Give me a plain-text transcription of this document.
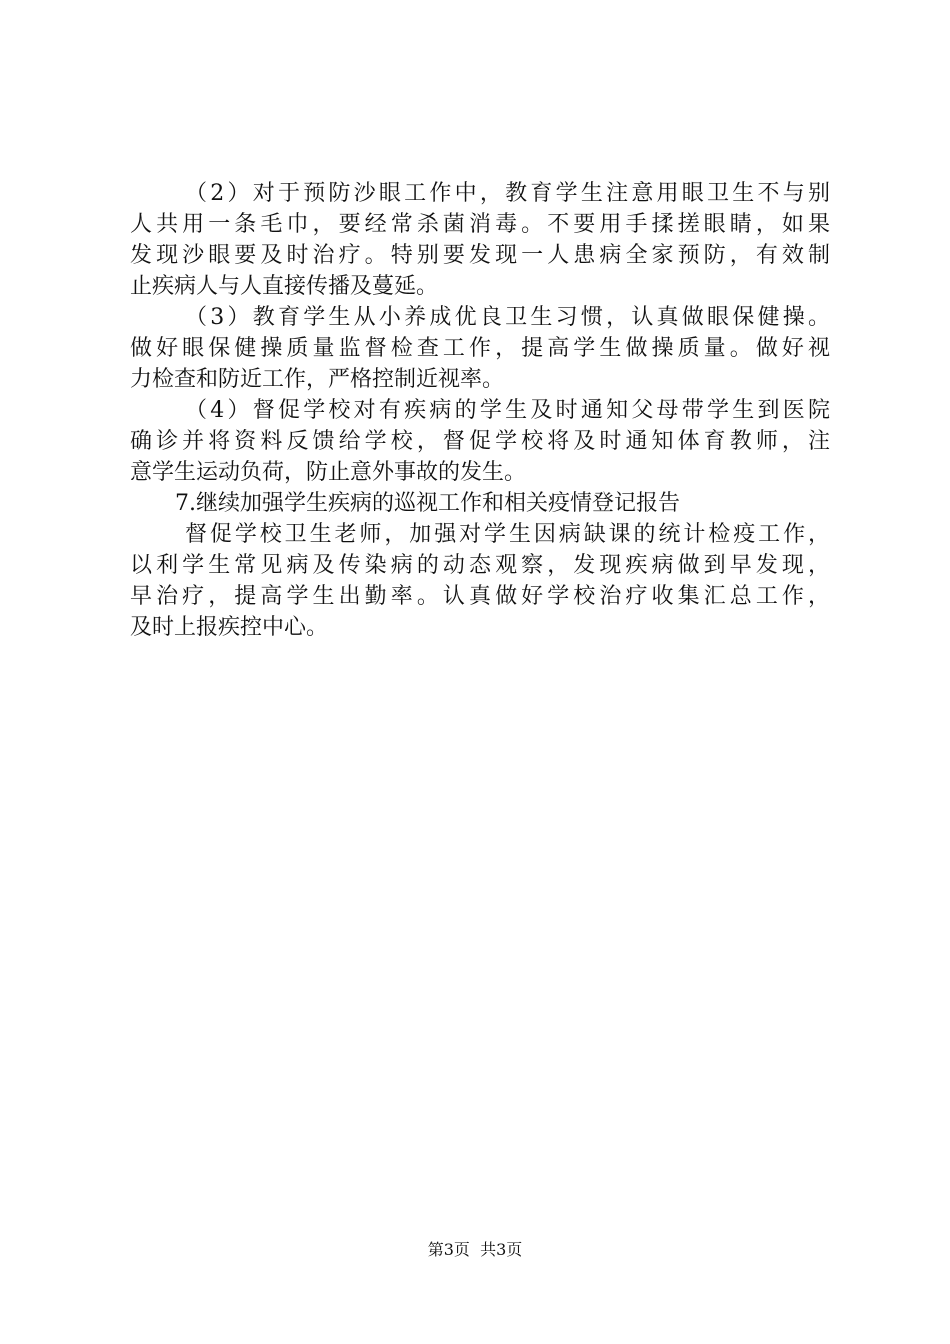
（2）对于预防沙眼工作中，教育学生注意用眼卫生不与别
人共用一条毛巾，要经常杀菌消毒。不要用手揉搓眼睛，如果
发现沙眼要及时治疗。特别要发现一人患病全家预防，有效制
止疾病人与人直接传播及蔓延。
（3）教育学生从小养成优良卫生习惯，认真做眼保健操。
做好眼保健操质量监督检查工作，提高学生做操质量。做好视
力检查和防近工作，严格控制近视率。
（4）督促学校对有疾病的学生及时通知父母带学生到医院
确诊并将资料反馈给学校，督促学校将及时通知体育教师，注
意学生运动负荷，防止意外事故的发生。
7.继续加强学生疾病的巡视工作和相关疫情登记报告
督促学校卫生老师，加强对学生因病缺课的统计检疫工作，
以利学生常见病及传染病的动态观察，发现疾病做到早发现，
早治疗，提高学生出勤率。认真做好学校治疗收集汇总工作，
及时上报疾控中心。
第3页  共3页
